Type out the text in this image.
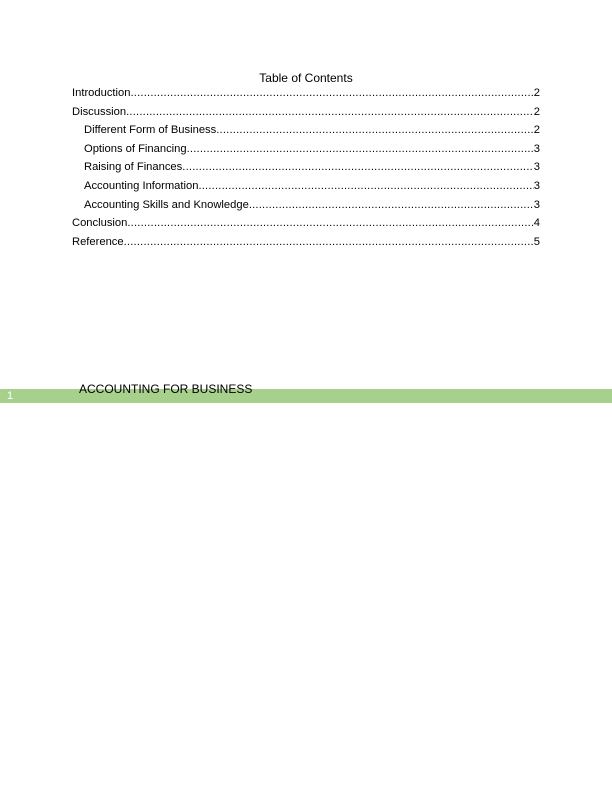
Table of Contents
Introduction .....	2
Discussion .....	2
Different Form of Business .....	2
Options of Financing .....	3
Raising of Finances .....	3
Accounting Information .....	3
Accounting Skills and Knowledge .....	3
Conclusion .....	4
Reference .....	5
1	ACCOUNTING FOR BUSINESS
